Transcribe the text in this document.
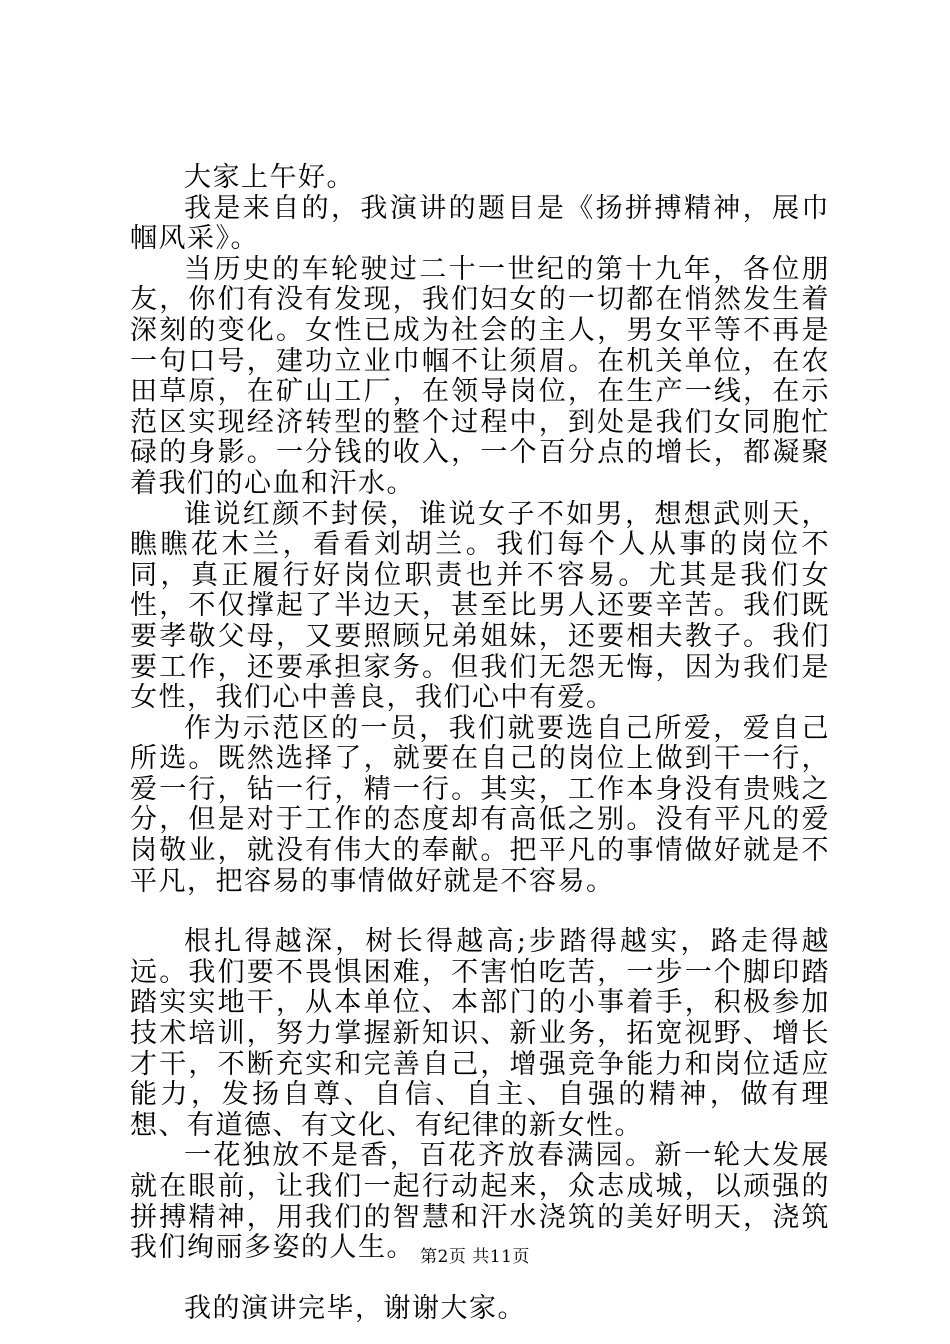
大家上午好。

我是来自的，我演讲的题目是《扬拼搏精神，展巾帼风采》。

当历史的车轮驶过二十一世纪的第十九年，各位朋友，你们有没有发现，我们妇女的一切都在悄然发生着深刻的变化。女性已成为社会的主人，男女平等不再是一句口号，建功立业巾帼不让须眉。在机关单位，在农田草原，在矿山工厂，在领导岗位，在生产一线，在示范区实现经济转型的整个过程中，到处是我们女同胞忙碌的身影。一分钱的收入，一个百分点的增长，都凝聚着我们的心血和汗水。

谁说红颜不封侯，谁说女子不如男，想想武则天，瞧瞧花木兰，看看刘胡兰。我们每个人从事的岗位不同，真正履行好岗位职责也并不容易。尤其是我们女性，不仅撑起了半边天，甚至比男人还要辛苦。我们既要孝敬父母，又要照顾兄弟姐妹，还要相夫教子。我们要工作，还要承担家务。但我们无怨无悔，因为我们是女性，我们心中善良，我们心中有爱。

作为示范区的一员，我们就要选自己所爱，爱自己所选。既然选择了，就要在自己的岗位上做到干一行，爱一行，钻一行，精一行。其实，工作本身没有贵贱之分，但是对于工作的态度却有高低之别。没有平凡的爱岗敬业，就没有伟大的奉献。把平凡的事情做好就是不平凡，把容易的事情做好就是不容易。

根扎得越深，树长得越高;步踏得越实，路走得越远。我们要不畏惧困难，不害怕吃苦，一步一个脚印踏踏实实地干，从本单位、本部门的小事着手，积极参加技术培训，努力掌握新知识、新业务，拓宽视野、增长才干，不断充实和完善自己，增强竞争能力和岗位适应能力，发扬自尊、自信、自主、自强的精神，做有理想、有道德、有文化、有纪律的新女性。

一花独放不是香，百花齐放春满园。新一轮大发展就在眼前，让我们一起行动起来，众志成城，以顽强的拼搏精神，用我们的智慧和汗水浇筑的美好明天，浇筑我们绚丽多姿的人生。

我的演讲完毕，谢谢大家。

第2页 共11页
